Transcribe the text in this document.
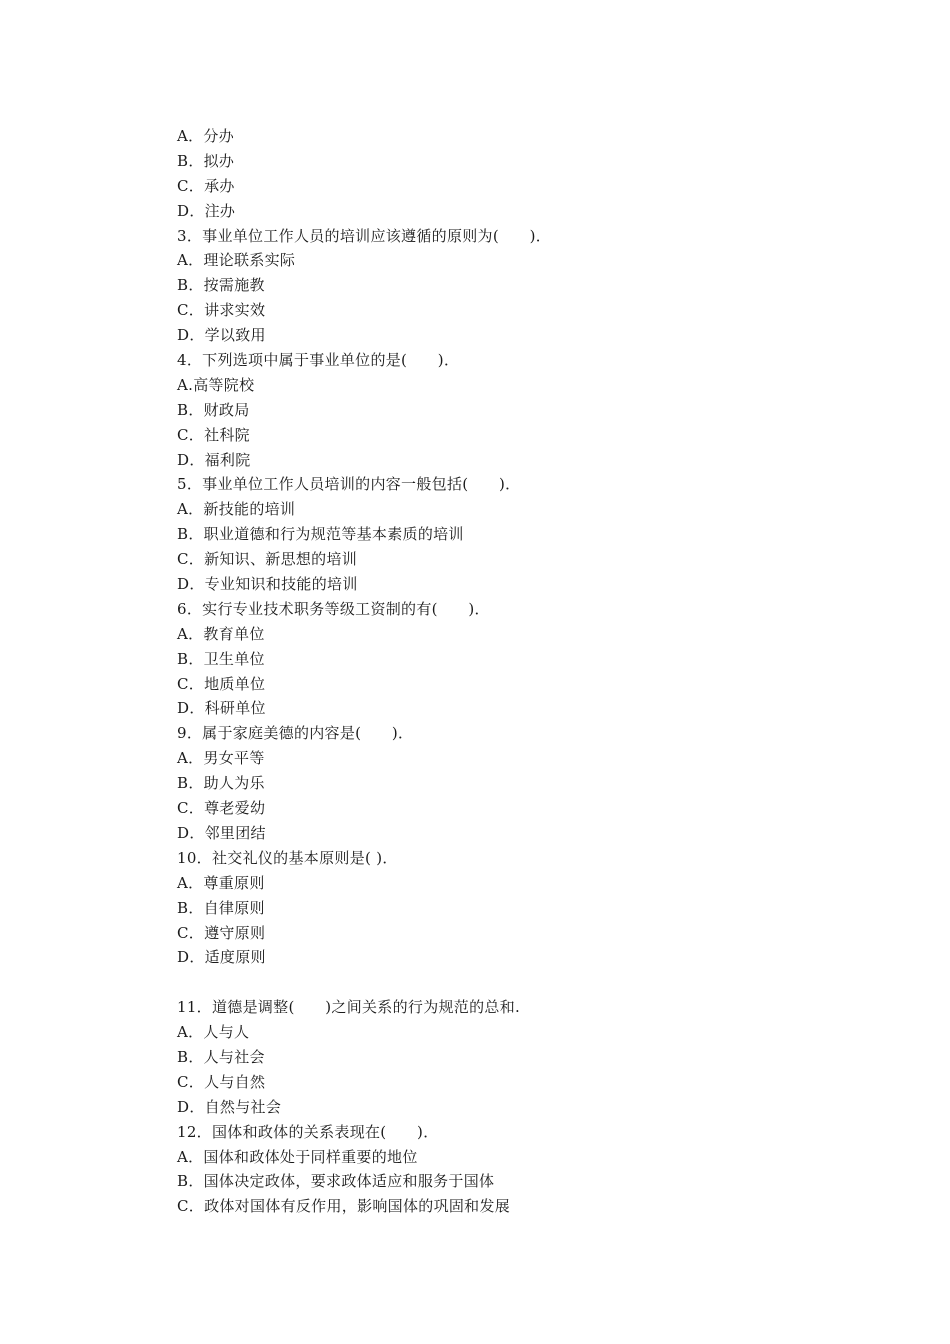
A．分办
B．拟办
C．承办
D．注办
3．事业单位工作人员的培训应该遵循的原则为(　　)．
A．理论联系实际
B．按需施教
C．讲求实效
D．学以致用
4．下列选项中属于事业单位的是(　　)．
A.高等院校
B．财政局
C．社科院
D．福利院
5．事业单位工作人员培训的内容一般包括(　　)．
A．新技能的培训
B．职业道德和行为规范等基本素质的培训
C．新知识、新思想的培训
D．专业知识和技能的培训
6．实行专业技术职务等级工资制的有(　　)．
A．教育单位
B．卫生单位
C．地质单位
D．科研单位
9．属于家庭美德的内容是(　　)．
A．男女平等
B．助人为乐
C．尊老爱幼
D．邻里团结
10．社交礼仪的基本原则是( )．
A．尊重原则
B．自律原则
C．遵守原则
D．适度原则
11．道德是调整(　　)之间关系的行为规范的总和.
A．人与人
B．人与社会
C．人与自然
D．自然与社会
12．国体和政体的关系表现在(　　)．
A．国体和政体处于同样重要的地位
B．国体决定政体，要求政体适应和服务于国体
C．政体对国体有反作用，影响国体的巩固和发展
